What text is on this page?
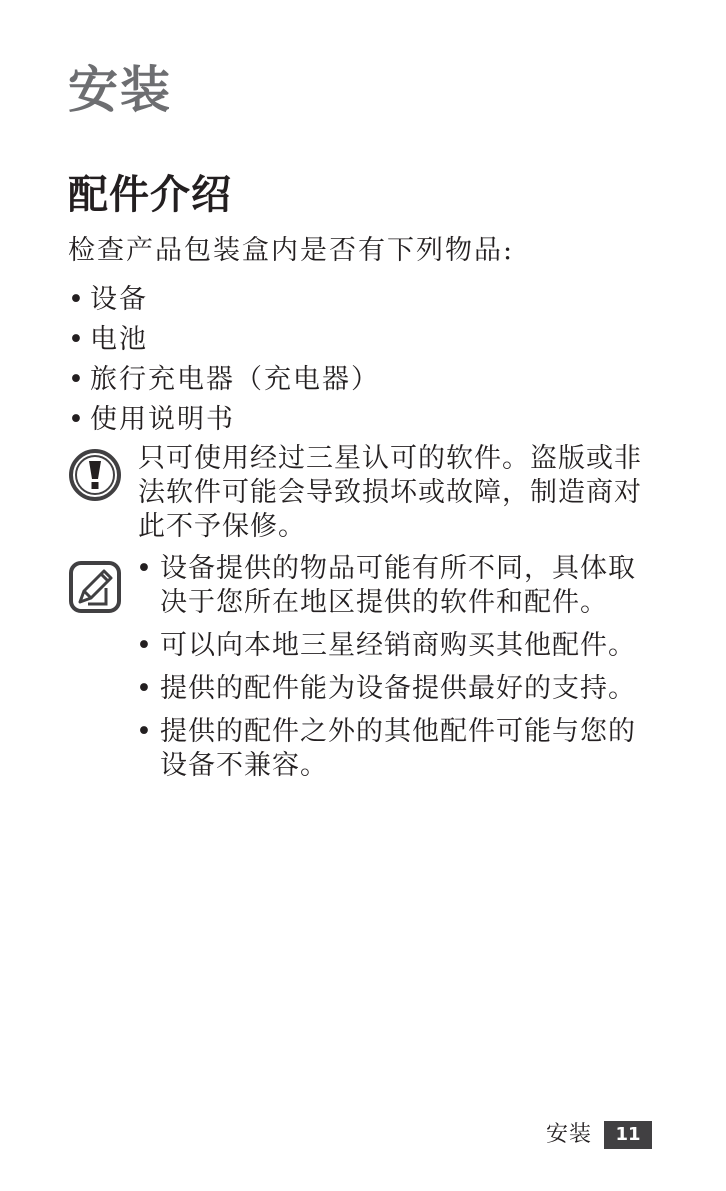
安装
配件介绍

检查产品包装盒内是否有下列物品:

• 设备
• 电池
• 旅行充电器（充电器）
• 使用说明书

只可使用经过三星认可的软件。盗版或非法软件可能会导致损坏或故障，制造商对此不予保修。

• 设备提供的物品可能有所不同，具体取决于您所在地区提供的软件和配件。
• 可以向本地三星经销商购买其他配件。
• 提供的配件能为设备提供最好的支持。
• 提供的配件之外的其他配件可能与您的设备不兼容。
安装	11
